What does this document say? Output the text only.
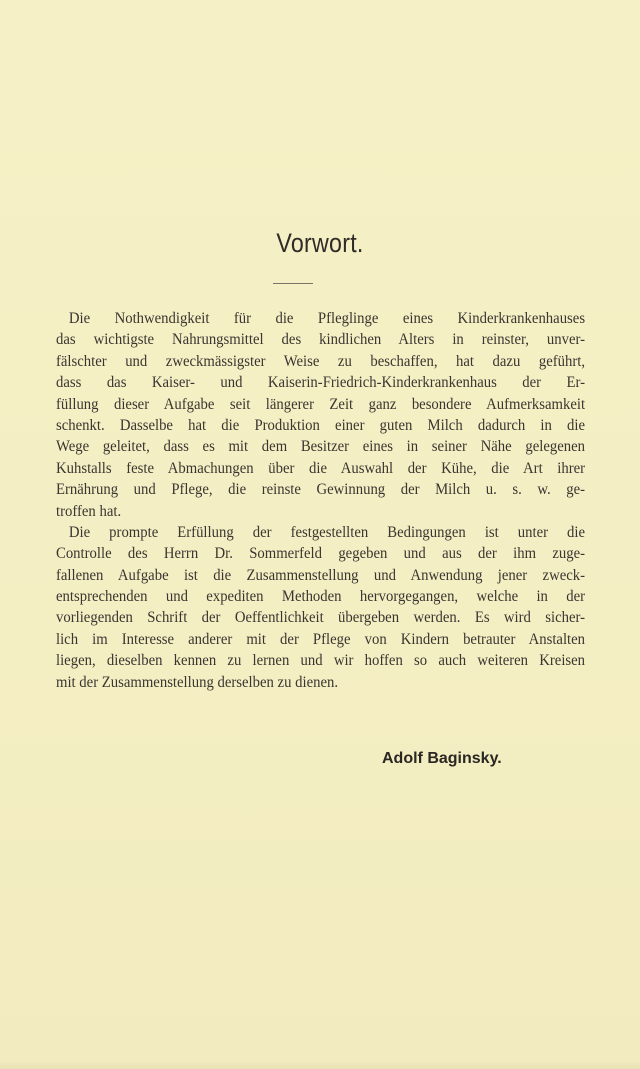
Vorwort.
Die Nothwendigkeit für die Pfleglinge eines Kinderkrankenhauses
das wichtigste Nahrungsmittel des kindlichen Alters in reinster, unver-
fälschter und zweckmässigster Weise zu beschaffen, hat dazu geführt,
dass das Kaiser- und Kaiserin-Friedrich-Kinderkrankenhaus der Er-
füllung dieser Aufgabe seit längerer Zeit ganz besondere Aufmerksamkeit
schenkt. Dasselbe hat die Produktion einer guten Milch dadurch in die
Wege geleitet, dass es mit dem Besitzer eines in seiner Nähe gelegenen
Kuhstalls feste Abmachungen über die Auswahl der Kühe, die Art ihrer
Ernährung und Pflege, die reinste Gewinnung der Milch u. s. w. ge-
troffen hat.
Die prompte Erfüllung der festgestellten Bedingungen ist unter die
Controlle des Herrn Dr. Sommerfeld gegeben und aus der ihm zuge-
fallenen Aufgabe ist die Zusammenstellung und Anwendung jener zweck-
entsprechenden und expediten Methoden hervorgegangen, welche in der
vorliegenden Schrift der Oeffentlichkeit übergeben werden. Es wird sicher-
lich im Interesse anderer mit der Pflege von Kindern betrauter Anstalten
liegen, dieselben kennen zu lernen und wir hoffen so auch weiteren Kreisen
mit der Zusammenstellung derselben zu dienen.
Adolf Baginsky.
